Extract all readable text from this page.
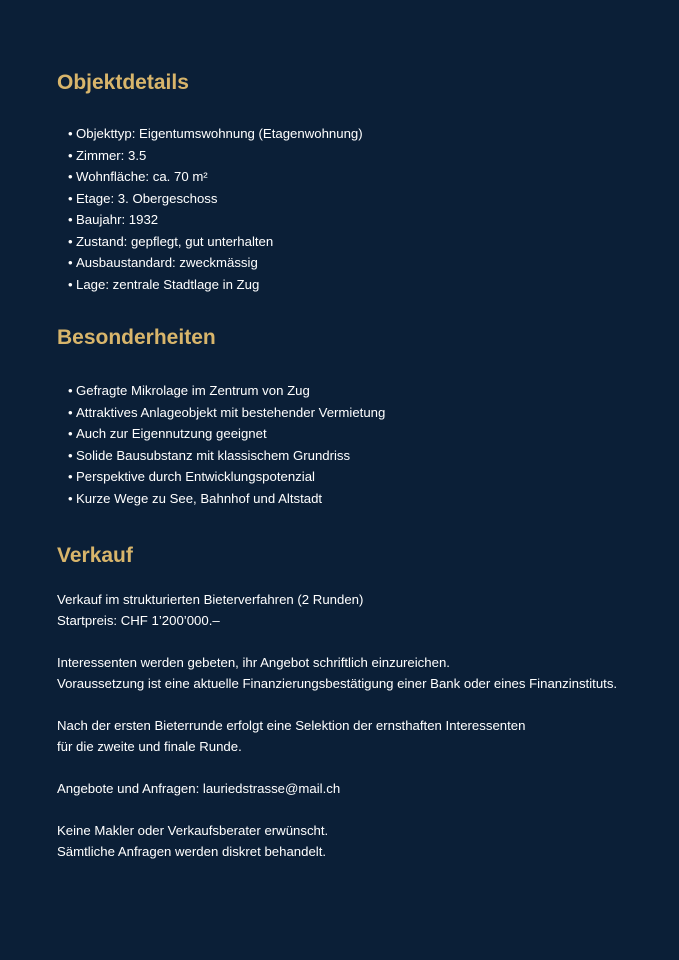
Objektdetails
• Objekttyp: Eigentumswohnung (Etagenwohnung)
• Zimmer: 3.5
• Wohnfläche: ca. 70 m²
• Etage: 3. Obergeschoss
• Baujahr: 1932
• Zustand: gepflegt, gut unterhalten
• Ausbaustandard: zweckmässig
• Lage: zentrale Stadtlage in Zug
Besonderheiten
• Gefragte Mikrolage im Zentrum von Zug
• Attraktives Anlageobjekt mit bestehender Vermietung
• Auch zur Eigennutzung geeignet
• Solide Bausubstanz mit klassischem Grundriss
• Perspektive durch Entwicklungspotenzial
• Kurze Wege zu See, Bahnhof und Altstadt
Verkauf

Verkauf im strukturierten Bieterverfahren (2 Runden)

Startpreis: CHF 1’200’000.–

Interessenten werden gebeten, ihr Angebot schriftlich einzureichen.

Voraussetzung ist eine aktuelle Finanzierungsbestätigung einer Bank oder eines Finanzinstituts.

Nach der ersten Bieterrunde erfolgt eine Selektion der ernsthaften Interessenten

für die zweite und finale Runde.

Angebote und Anfragen: lauriedstrasse@mail.ch

Keine Makler oder Verkaufsberater erwünscht.

Sämtliche Anfragen werden diskret behandelt.
